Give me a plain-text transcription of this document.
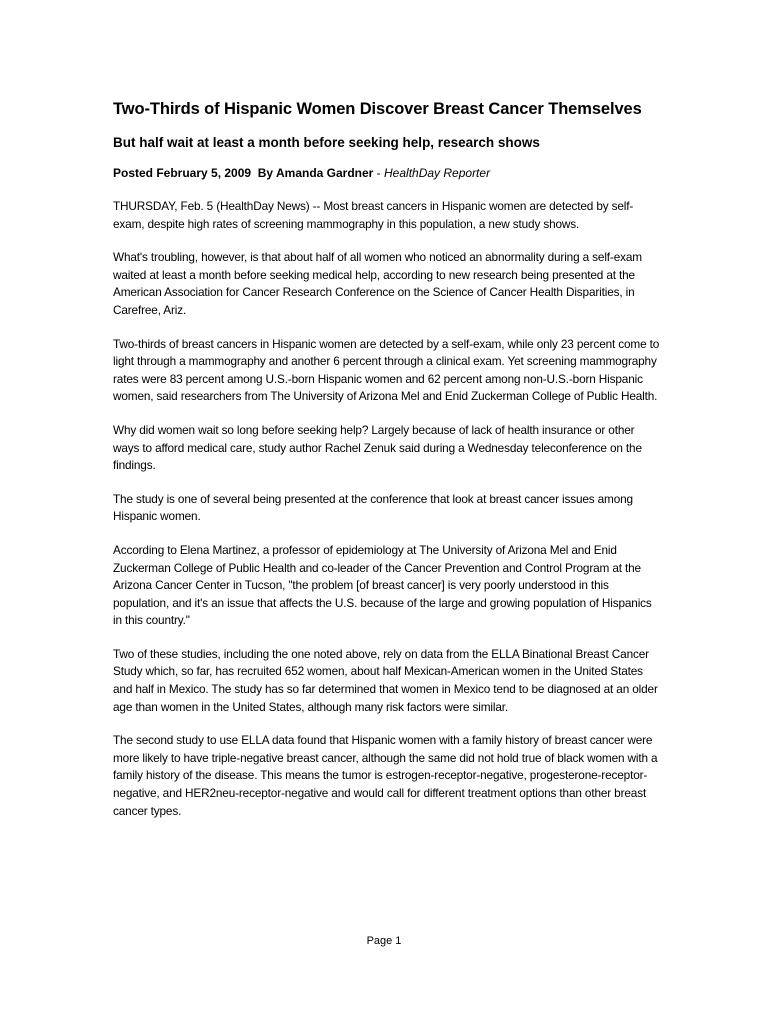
Two-Thirds of Hispanic Women Discover Breast Cancer Themselves
But half wait at least a month before seeking help, research shows

Posted February 5, 2009 By Amanda Gardner - HealthDay Reporter

THURSDAY, Feb. 5 (HealthDay News) -- Most breast cancers in Hispanic women are detected by self-exam, despite high rates of screening mammography in this population, a new study shows.

What's troubling, however, is that about half of all women who noticed an abnormality during a self-exam waited at least a month before seeking medical help, according to new research being presented at the American Association for Cancer Research Conference on the Science of Cancer Health Disparities, in Carefree, Ariz.

Two-thirds of breast cancers in Hispanic women are detected by a self-exam, while only 23 percent come to light through a mammography and another 6 percent through a clinical exam. Yet screening mammography rates were 83 percent among U.S.-born Hispanic women and 62 percent among non-U.S.-born Hispanic women, said researchers from The University of Arizona Mel and Enid Zuckerman College of Public Health.

Why did women wait so long before seeking help? Largely because of lack of health insurance or other ways to afford medical care, study author Rachel Zenuk said during a Wednesday teleconference on the findings.

The study is one of several being presented at the conference that look at breast cancer issues among Hispanic women.

According to Elena Martinez, a professor of epidemiology at The University of Arizona Mel and Enid Zuckerman College of Public Health and co-leader of the Cancer Prevention and Control Program at the Arizona Cancer Center in Tucson, "the problem [of breast cancer] is very poorly understood in this population, and it's an issue that affects the U.S. because of the large and growing population of Hispanics in this country."

Two of these studies, including the one noted above, rely on data from the ELLA Binational Breast Cancer Study which, so far, has recruited 652 women, about half Mexican-American women in the United States and half in Mexico. The study has so far determined that women in Mexico tend to be diagnosed at an older age than women in the United States, although many risk factors were similar.

The second study to use ELLA data found that Hispanic women with a family history of breast cancer were more likely to have triple-negative breast cancer, although the same did not hold true of black women with a family history of the disease. This means the tumor is estrogen-receptor-negative, progesterone-receptor-negative, and HER2neu-receptor-negative and would call for different treatment options than other breast cancer types.

Page 1
